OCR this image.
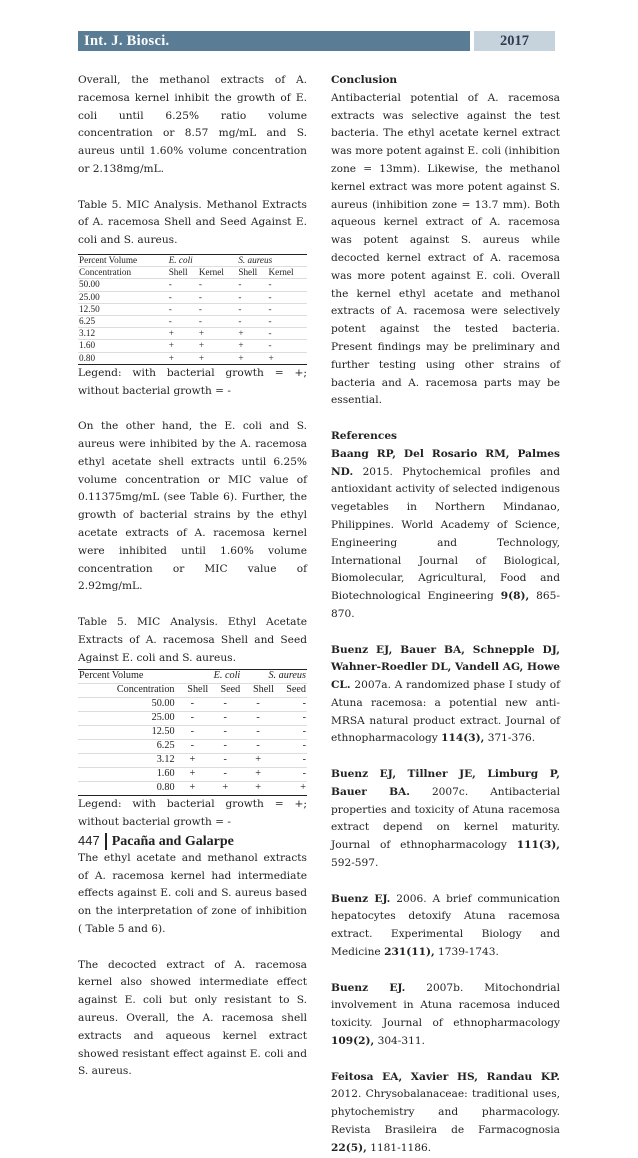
Int. J. Biosci.	2017

Overall, the methanol extracts of A. racemosa kernel inhibit the growth of E. coli until 6.25% ratio volume concentration or 8.57 mg/mL and S. aureus until 1.60% volume concentration or 2.138mg/mL.

Table 5. MIC Analysis. Methanol Extracts of A. racemosa Shell and Seed Against E. coli and S. aureus.

Percent Volume	E. coli		S. aureus	
Concentration	Shell	Kernel	Shell	Kernel
50.00	-	-	-	-
25.00	-	-	-	-
12.50	-	-	-	-
6.25	-	-	-	-
3.12	+	+	+	-
1.60	+	+	+	-
0.80	+	+	+	+

Legend: with bacterial growth = +; without bacterial growth = -

On the other hand, the E. coli and S. aureus were inhibited by the A. racemosa ethyl acetate shell extracts until 6.25% volume concentration or MIC value of 0.11375mg/mL (see Table 6). Further, the growth of bacterial strains by the ethyl acetate extracts of A. racemosa kernel were inhibited until 1.60% volume concentration or MIC value of 2.92mg/mL.

Table 5. MIC Analysis. Ethyl Acetate Extracts of A. racemosa Shell and Seed Against E. coli and S. aureus.

Percent Volume	E. coli		S. aureus	
Concentration	Shell	Seed	Shell	Seed
50.00	-	-	-	-
25.00	-	-	-	-
12.50	-	-	-	-
6.25	-	-	-	-
3.12	+	-	+	-
1.60	+	-	+	-
0.80	+	+	+	+

Legend: with bacterial growth = +; without bacterial growth = -

The ethyl acetate and methanol extracts of A. racemosa kernel had intermediate effects against E. coli and S. aureus based on the interpretation of zone of inhibition ( Table 5 and 6).

The decocted extract of A. racemosa kernel also showed intermediate effect against E. coli but only resistant to S. aureus. Overall, the A. racemosa shell extracts and aqueous kernel extract showed resistant effect against E. coli and S. aureus.

Conclusion

Antibacterial potential of A. racemosa extracts was selective against the test bacteria. The ethyl acetate kernel extract was more potent against E. coli (inhibition zone = 13mm). Likewise, the methanol kernel extract was more potent against S. aureus (inhibition zone = 13.7 mm). Both aqueous kernel extract of A. racemosa was potent against S. aureus while decocted kernel extract of A. racemosa was more potent against E. coli. Overall the kernel ethyl acetate and methanol extracts of A. racemosa were selectively potent against the tested bacteria. Present findings may be preliminary and further testing using other strains of bacteria and A. racemosa parts may be essential.

References

Baang RP, Del Rosario RM, Palmes ND. 2015. Phytochemical profiles and antioxidant activity of selected indigenous vegetables in Northern Mindanao, Philippines. World Academy of Science, Engineering and Technology, International Journal of Biological, Biomolecular, Agricultural, Food and Biotechnological Engineering 9(8), 865-870.

Buenz EJ, Bauer BA, Schnepple DJ, Wahner-Roedler DL, Vandell AG, Howe CL. 2007a. A randomized phase I study of Atuna racemosa: a potential new anti-MRSA natural product extract. Journal of ethnopharmacology 114(3), 371-376.

Buenz EJ, Tillner JE, Limburg P, Bauer BA. 2007c. Antibacterial properties and toxicity of Atuna racemosa extract depend on kernel maturity. Journal of ethnopharmacology 111(3), 592-597.

Buenz EJ. 2006. A brief communication hepatocytes detoxify Atuna racemosa extract. Experimental Biology and Medicine 231(11), 1739-1743.

Buenz EJ. 2007b. Mitochondrial involvement in Atuna racemosa induced toxicity. Journal of ethnopharmacology 109(2), 304-311.

Feitosa EA, Xavier HS, Randau KP. 2012. Chrysobalanaceae: traditional uses, phytochemistry and pharmacology. Revista Brasileira de Farmacognosia 22(5), 1181-1186.

447 Pacaña and Galarpe
